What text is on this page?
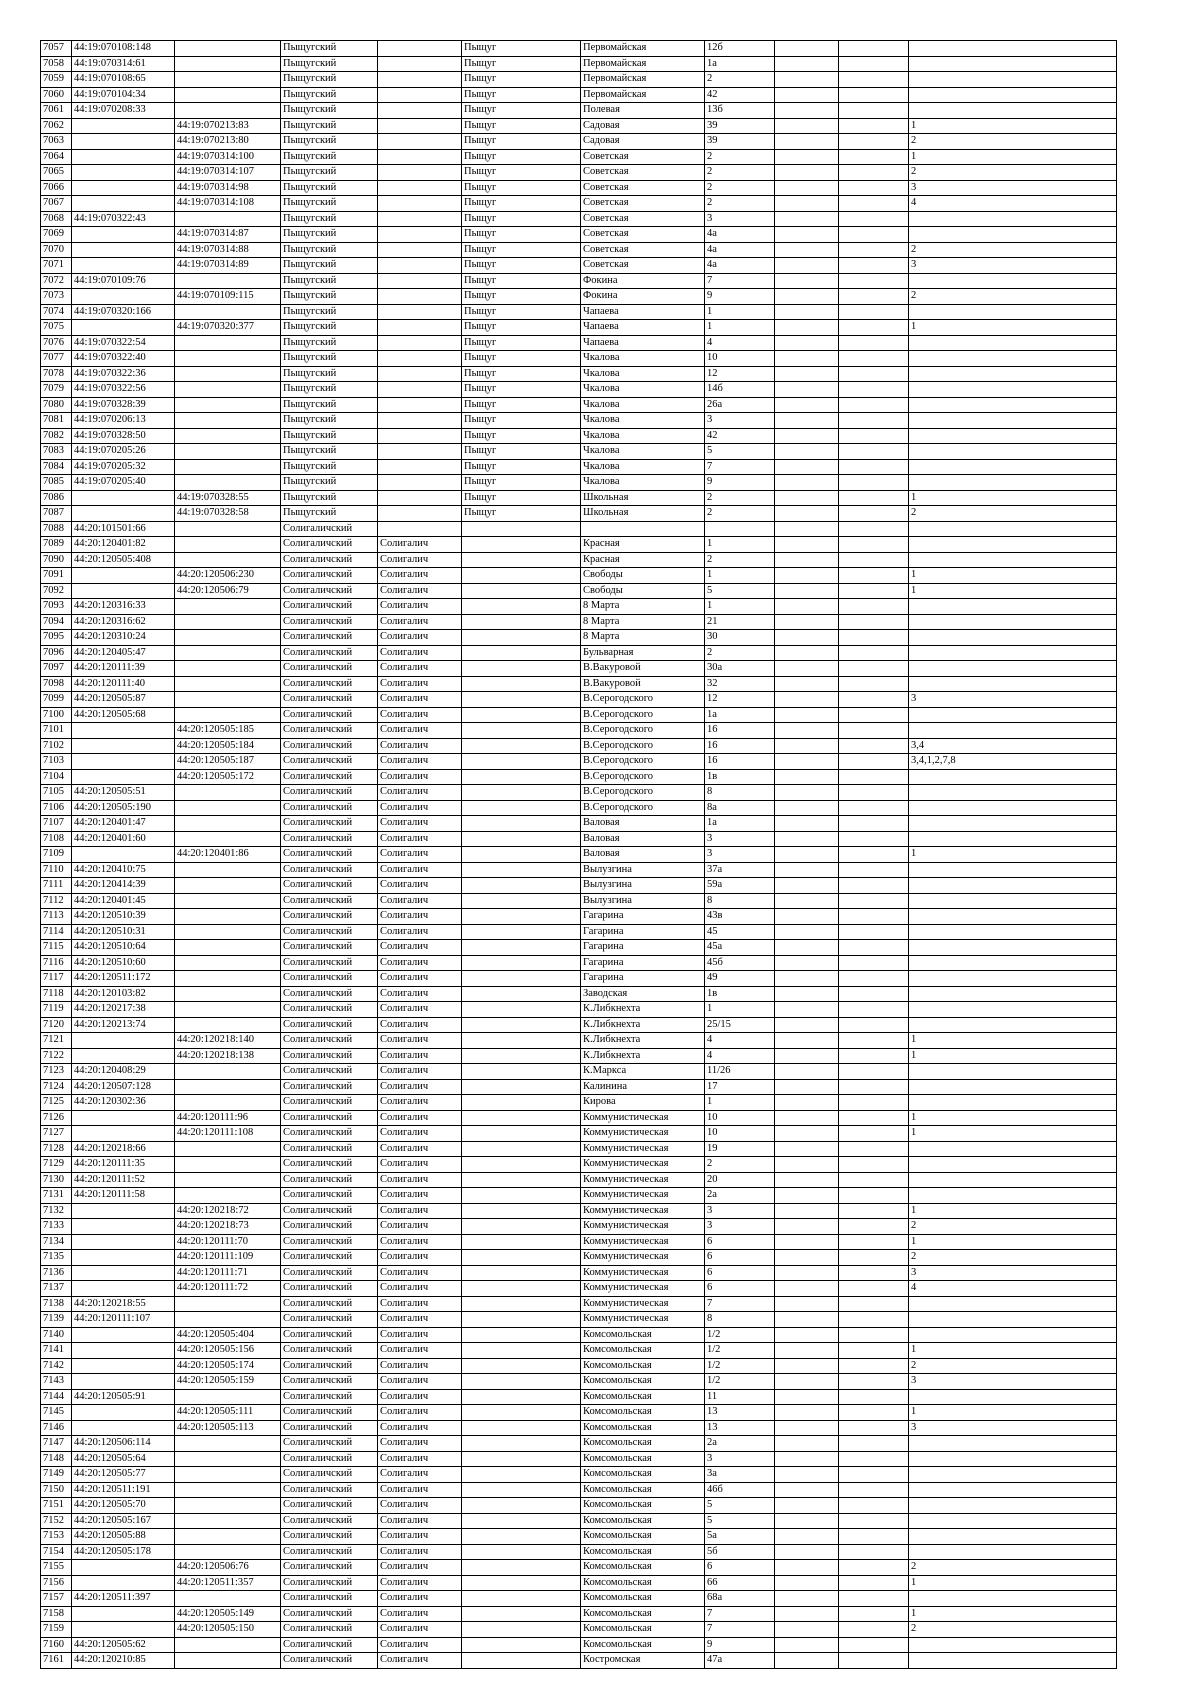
7057	44:19:070108:148		Пыщугский		Пыщуг	Первомайская	12б			
7058	44:19:070314:61		Пыщугский		Пыщуг	Первомайская	1а			
7059	44:19:070108:65		Пыщугский		Пыщуг	Первомайская	2			
7060	44:19:070104:34		Пыщугский		Пыщуг	Первомайская	42			
7061	44:19:070208:33		Пыщугский		Пыщуг	Полевая	13б			
7062		44:19:070213:83	Пыщугский		Пыщуг	Садовая	39			1
7063		44:19:070213:80	Пыщугский		Пыщуг	Садовая	39			2
7064		44:19:070314:100	Пыщугский		Пыщуг	Советская	2			1
7065		44:19:070314:107	Пыщугский		Пыщуг	Советская	2			2
7066		44:19:070314:98	Пыщугский		Пыщуг	Советская	2			3
7067		44:19:070314:108	Пыщугский		Пыщуг	Советская	2			4
7068	44:19:070322:43		Пыщугский		Пыщуг	Советская	3			
7069		44:19:070314:87	Пыщугский		Пыщуг	Советская	4а			
7070		44:19:070314:88	Пыщугский		Пыщуг	Советская	4а			2
7071		44:19:070314:89	Пыщугский		Пыщуг	Советская	4а			3
7072	44:19:070109:76		Пыщугский		Пыщуг	Фокина	7			
7073		44:19:070109:115	Пыщугский		Пыщуг	Фокина	9			2
7074	44:19:070320:166		Пыщугский		Пыщуг	Чапаева	1			
7075		44:19:070320:377	Пыщугский		Пыщуг	Чапаева	1			1
7076	44:19:070322:54		Пыщугский		Пыщуг	Чапаева	4			
7077	44:19:070322:40		Пыщугский		Пыщуг	Чкалова	10			
7078	44:19:070322:36		Пыщугский		Пыщуг	Чкалова	12			
7079	44:19:070322:56		Пыщугский		Пыщуг	Чкалова	14б			
7080	44:19:070328:39		Пыщугский		Пыщуг	Чкалова	26а			
7081	44:19:070206:13		Пыщугский		Пыщуг	Чкалова	3			
7082	44:19:070328:50		Пыщугский		Пыщуг	Чкалова	42			
7083	44:19:070205:26		Пыщугский		Пыщуг	Чкалова	5			
7084	44:19:070205:32		Пыщугский		Пыщуг	Чкалова	7			
7085	44:19:070205:40		Пыщугский		Пыщуг	Чкалова	9			
7086		44:19:070328:55	Пыщугский		Пыщуг	Школьная	2			1
7087		44:19:070328:58	Пыщугский		Пыщуг	Школьная	2			2
7088	44:20:101501:66		Солигаличский							
7089	44:20:120401:82		Солигаличский	Солигалич		Красная	1			
7090	44:20:120505:408		Солигаличский	Солигалич		Красная	2			
7091		44:20:120506:230	Солигаличский	Солигалич		Свободы	1			1
7092		44:20:120506:79	Солигаличский	Солигалич		Свободы	5			1
7093	44:20:120316:33		Солигаличский	Солигалич		8 Марта	1			
7094	44:20:120316:62		Солигаличский	Солигалич		8 Марта	21			
7095	44:20:120310:24		Солигаличский	Солигалич		8 Марта	30			
7096	44:20:120405:47		Солигаличский	Солигалич		Бульварная	2			
7097	44:20:120111:39		Солигаличский	Солигалич		В.Вакуровой	30а			
7098	44:20:120111:40		Солигаличский	Солигалич		В.Вакуровой	32			
7099	44:20:120505:87		Солигаличский	Солигалич		В.Серогодского	12			3
7100	44:20:120505:68		Солигаличский	Солигалич		В.Серогодского	1а			
7101		44:20:120505:185	Солигаличский	Солигалич		В.Серогодского	16			
7102		44:20:120505:184	Солигаличский	Солигалич		В.Серогодского	16			3,4
7103		44:20:120505:187	Солигаличский	Солигалич		В.Серогодского	16			3,4,1,2,7,8
7104		44:20:120505:172	Солигаличский	Солигалич		В.Серогодского	1в			
7105	44:20:120505:51		Солигаличский	Солигалич		В.Серогодского	8			
7106	44:20:120505:190		Солигаличский	Солигалич		В.Серогодского	8а			
7107	44:20:120401:47		Солигаличский	Солигалич		Валовая	1а			
7108	44:20:120401:60		Солигаличский	Солигалич		Валовая	3			
7109		44:20:120401:86	Солигаличский	Солигалич		Валовая	3			1
7110	44:20:120410:75		Солигаличский	Солигалич		Вылузгина	37а			
7111	44:20:120414:39		Солигаличский	Солигалич		Вылузгина	59а			
7112	44:20:120401:45		Солигаличский	Солигалич		Вылузгина	8			
7113	44:20:120510:39		Солигаличский	Солигалич		Гагарина	43в			
7114	44:20:120510:31		Солигаличский	Солигалич		Гагарина	45			
7115	44:20:120510:64		Солигаличский	Солигалич		Гагарина	45а			
7116	44:20:120510:60		Солигаличский	Солигалич		Гагарина	45б			
7117	44:20:120511:172		Солигаличский	Солигалич		Гагарина	49			
7118	44:20:120103:82		Солигаличский	Солигалич		Заводская	1в			
7119	44:20:120217:38		Солигаличский	Солигалич		К.Либкнехта	1			
7120	44:20:120213:74		Солигаличский	Солигалич		К.Либкнехта	25/15			
7121		44:20:120218:140	Солигаличский	Солигалич		К.Либкнехта	4			1
7122		44:20:120218:138	Солигаличский	Солигалич		К.Либкнехта	4			1
7123	44:20:120408:29		Солигаличский	Солигалич		К.Маркса	11/26			
7124	44:20:120507:128		Солигаличский	Солигалич		Калинина	17			
7125	44:20:120302:36		Солигаличский	Солигалич		Кирова	1			
7126		44:20:120111:96	Солигаличский	Солигалич		Коммунистическая	10			1
7127		44:20:120111:108	Солигаличский	Солигалич		Коммунистическая	10			1
7128	44:20:120218:66		Солигаличский	Солигалич		Коммунистическая	19			
7129	44:20:120111:35		Солигаличский	Солигалич		Коммунистическая	2			
7130	44:20:120111:52		Солигаличский	Солигалич		Коммунистическая	20			
7131	44:20:120111:58		Солигаличский	Солигалич		Коммунистическая	2а			
7132		44:20:120218:72	Солигаличский	Солигалич		Коммунистическая	3			1
7133		44:20:120218:73	Солигаличский	Солигалич		Коммунистическая	3			2
7134		44:20:120111:70	Солигаличский	Солигалич		Коммунистическая	6			1
7135		44:20:120111:109	Солигаличский	Солигалич		Коммунистическая	6			2
7136		44:20:120111:71	Солигаличский	Солигалич		Коммунистическая	6			3
7137		44:20:120111:72	Солигаличский	Солигалич		Коммунистическая	6			4
7138	44:20:120218:55		Солигаличский	Солигалич		Коммунистическая	7			
7139	44:20:120111:107		Солигаличский	Солигалич		Коммунистическая	8			
7140		44:20:120505:404	Солигаличский	Солигалич		Комсомольская	1/2			
7141		44:20:120505:156	Солигаличский	Солигалич		Комсомольская	1/2			1
7142		44:20:120505:174	Солигаличский	Солигалич		Комсомольская	1/2			2
7143		44:20:120505:159	Солигаличский	Солигалич		Комсомольская	1/2			3
7144	44:20:120505:91		Солигаличский	Солигалич		Комсомольская	11			
7145		44:20:120505:111	Солигаличский	Солигалич		Комсомольская	13			1
7146		44:20:120505:113	Солигаличский	Солигалич		Комсомольская	13			3
7147	44:20:120506:114		Солигаличский	Солигалич		Комсомольская	2а			
7148	44:20:120505:64		Солигаличский	Солигалич		Комсомольская	3			
7149	44:20:120505:77		Солигаличский	Солигалич		Комсомольская	3а			
7150	44:20:120511:191		Солигаличский	Солигалич		Комсомольская	46б			
7151	44:20:120505:70		Солигаличский	Солигалич		Комсомольская	5			
7152	44:20:120505:167		Солигаличский	Солигалич		Комсомольская	5			
7153	44:20:120505:88		Солигаличский	Солигалич		Комсомольская	5а			
7154	44:20:120505:178		Солигаличский	Солигалич		Комсомольская	5б			
7155		44:20:120506:76	Солигаличский	Солигалич		Комсомольская	6			2
7156		44:20:120511:357	Солигаличский	Солигалич		Комсомольская	66			1
7157	44:20:120511:397		Солигаличский	Солигалич		Комсомольская	68а			
7158		44:20:120505:149	Солигаличский	Солигалич		Комсомольская	7			1
7159		44:20:120505:150	Солигаличский	Солигалич		Комсомольская	7			2
7160	44:20:120505:62		Солигаличский	Солигалич		Комсомольская	9			
7161	44:20:120210:85		Солигаличский	Солигалич		Костромская	47а			
